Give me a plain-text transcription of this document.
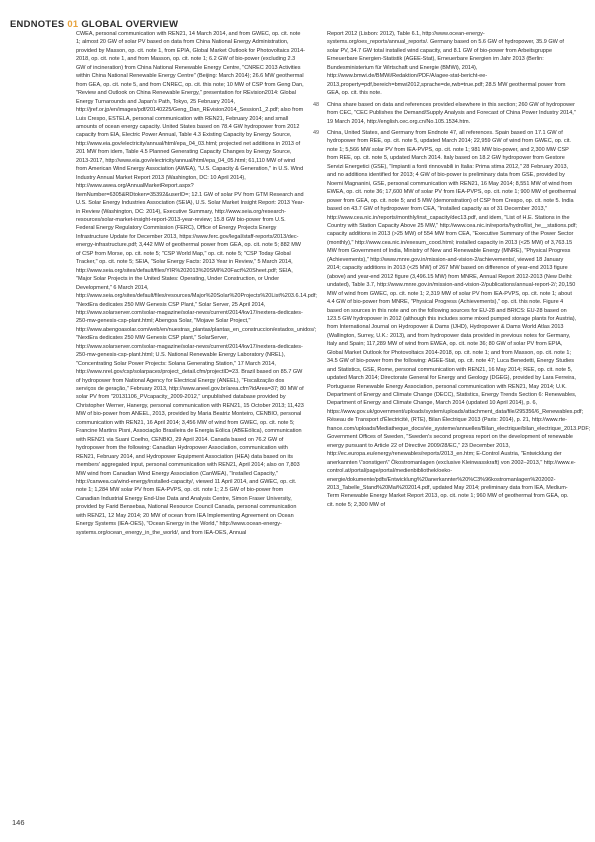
ENDNOTES 01 GLOBAL OVERVIEW

CWEA, personal communication with REN21, 14 March 2014, and from GWEC, op. cit. note 1; almost 20 GW of solar PV based on data from China National Energy Administration, provided by Masson, op. cit. note 1, from EPIA, Global Market Outlook for Photovoltaics 2014-2018, op. cit. note 1, and from Masson, op. cit. note 1; 6.2 GW of bio-power (excluding 2.3 GW of incineration) from China National Renewable Energy Centre, "CNREC 2013 Activities within China National Renewable Energy Centre" (Beijing: March 2014); 26.6 MW geothermal from GEA, op. cit. note 5, and from CNREC, op. cit. this note; 10 MW of CSP from Geng Dan, "Review and Outlook on China Renewable Energy," presentation for REvision2014: Global Energy Turnarounds and Japan's Path, Tokyo, 25 February 2014, http://jref.or.jp/en/images/pdf/20140225/Geng_Dan_REvision2014_Session1_2.pdf; also from Luis Crespo, ESTELA, personal communication with REN21, February 2014; and small amounts of ocean energy capacity. United States based on 78.4 GW hydropower from 2012 capacity from EIA, Electric Power Annual, Table 4.3 Existing Capacity by Energy Source, http://www.eia.gov/electricity/annual/html/epa_04_03.html; projected net additions in 2013 of 201 MW from idem, Table 4.5 Planned Generating Capacity Changes by Energy Source, 2013-2017, http://www.eia.gov/electricity/annual/html/epa_04_05.html; 61,110 MW of wind from American Wind Energy Association (AWEA), "U.S. Capacity & Generation," in U.S. Wind Industry Annual Market Report 2013 (Washington, DC: 10 April 2014), http://www.awea.org/AnnualMarketReport.aspx?ItemNumber=6305&RDtoken=35392&userID=; 12.1 GW of solar PV from GTM Research and U.S. Solar Energy Industries Association (SEIA), U.S. Solar Market Insight Report: 2013 Year-in Review (Washington, DC: 2014), Executive Summary, http://www.seia.org/research-resources/solar-market-insight-report-2013-year-review; 15.8 GW bio-power from U.S. Federal Energy Regulatory Commission (FERC), Office of Energy Projects Energy Infrastructure Update for December 2013, https://www.ferc.gov/legal/staff-reports/2013/dec-energy-infrastructure.pdf; 3,442 MW of geothermal power from GEA, op. cit. note 5; 882 MW of CSP from Morse, op. cit. note 5; "CSP World Map," op. cit. note 5; "CSP Today Global Tracker," op. cit. note 5; SEIA, "Solar Energy Facts: 2013 Year in Review," 5 March 2014, http://www.seia.org/sites/default/files/YIR%202013%20SMI%20Fact%20Sheet.pdf; SEIA, "Major Solar Projects in the United States: Operating, Under Construction, or Under Development," 6 March 2014, http://www.seia.org/sites/default/files/resources/Major%20Solar%20Projects%20List%203.6.14.pdf; "NextEra dedicates 250 MW Genesis CSP Plant," Solar Server, 25 April 2014, http://www.solarserver.com/solar-magazine/solar-news/current/2014/kw17/nextera-dedicates-250-mw-genesis-csp-plant.html; Abengoa Solar, "Mojave Solar Project," http://www.abengoasolar.com/web/en/nuestras_plantas/plantas_en_construccion/estados_unidos/; "NextEra dedicates 250 MW Genesis CSP plant," SolarServer, http://www.solarserver.com/solar-magazine/solar-news/current/2014/kw17/nextera-dedicates-250-mw-genesis-csp-plant.html; U.S. National Renewable Energy Laboratory (NREL), "Concentrating Solar Power Projects: Solana Generating Station," 17 March 2014, http://www.nrel.gov/csp/solarpaces/project_detail.cfm/projectID=23. Brazil based on 85.7 GW of hydropower from National Agency for Electrical Energy (ANEEL), "Fiscalização dos serviços de geração," February 2013, http://www.aneel.gov.br/area.cfm?idArea=37; 80 MW of solar PV from "20131106_PVcapacity_2009-2012," unpublished database provided by Christopher Werner, Hanergy, personal communication with REN21, 15 October 2013; 11,423 MW of bio-power from ANEEL, 2013, provided by Maria Beatriz Monteiro, CENBIO, personal communication with REN21, 16 April 2014; 3,456 MW of wind from GWEC, op. cit. note 5; Francine Martins Pisni, Associação Brasileira de Energia Eólica (ABEEólica), communication with REN21 via Suani Coelho, CENBIO, 29 April 2014. Canada based on 76.2 GW of hydropower from the following: Canadian Hydropower Association, communication with REN21, February 2014, and Hydropower Equipment Association (HEA) data based on its members' aggregated input, personal communication with REN21, April 2014; also on 7,803 MW wind from Canadian Wind Energy Association (CanWEA), "Installed Capacity," http://canwea.ca/wind-energy/installed-capacity/, viewed 11 April 2014, and GWEC, op. cit. note 1; 1,284 MW solar PV from IEA-PVPS, op. cit. note 1; 2.5 GW of bio-power from Canadian Industrial Energy End-Use Data and Analysis Centre, Simon Fraser University, provided by Farid Bensebaa, National Resource Council Canada, personal communication with REN21, 12 May 2014; 20 MW of ocean from IEA Implementing Agreement on Ocean Energy Systems (IEA-OES), "Ocean Energy in the World," http://www.ocean-energy-systems.org/ocean_energy_in_the_world/, and from IEA-OES, Annual

Report 2012 (Lisbon: 2012), Table 6.1, http://www.ocean-energy-systems.org/oes_reports/annual_reports/. Germany based on 5.6 GW of hydropower, 35.9 GW of solar PV, 34.7 GW total installed wind capacity, and 8.1 GW of bio-power from Arbeitsgruppe Erneuerbare Energien-Statistik (AGEE-Stat), Erneuerbare Energien im Jahr 2013 (Berlin: Bundesministerium für Wirtschaft und Energie (BMWi), 2014), http://www.bmwi.de/BMWi/Redaktion/PDF/A/agee-stat-bericht-ee-2013,property=pdf,bereich=bmwi2012,sprache=de,rwb=true.pdf; 28.5 MW geothermal power from GEA, op. cit. this note.

48 China share based on data and references provided elsewhere in this section; 260 GW of hydropower from CEC, "CEC Publishes the Demand/Supply Analysis and Forecast of China Power Industry 2014," 19 March 2014, http://english.cec.org.cn/No.105.1534.htm.

49 China, United States, and Germany from Endnote 47, all references. Spain based on 17.1 GW of hydropower from REE, op. cit. note 5, updated March 2014; 22,959 GW of wind from GWEC, op. cit. note 1; 5,566 MW solar PV from IEA-PVPS, op. cit. note 1; 981 MW bio-power, and 2,300 MW CSP from REE, op. cit. note 5, updated March 2014. Italy based on 18.2 GW hydropower from Gestore Servizi Energetici (GSE), "Impianti a fonti rinnovabili in Italia: Prima stima 2012," 28 February 2013, and no additions identified for 2013; 4 GW of bio-power is preliminary data from GSE, provided by Noemi Magnanini, GSE, personal communication with REN21, 16 May 2014; 8,551 MW of wind from EWEA, op. cit. note 36; 17,600 MW of solar PV from IEA-PVPS, op. cit. note 1; 900 MW of geothermal power from GEA, op. cit. note 5; and 5 MW (demonstration) of CSP from Crespo, op. cit. note 5. India based on 43.7 GW of hydropower from CEA, "Installed capacity as of 31 December 2013," http://www.cea.nic.in/reports/monthly/inst_capacity/dec13.pdf, and idem, "List of H.E. Stations in the Country with Station Capacity Above 25 MW," http://www.cea.nic.in/reports/hydro/list_he__stations.pdf; capacity additions in 2013 (>25 MW) of 554 MW from CEA, "Executive Summary of the Power Sector (monthly)," http://www.cea.nic.in/exesum_cood.html; installed capacity in 2013 (<25 MW) of 3,763.15 MW from Government of India, Ministry of New and Renewable Energy (MNRE), "Physical Progress (Achievements)," http://www.mnre.gov.in/mission-and-vision-2/achievements/, viewed 18 January 2014; capacity additions in 2013 (<25 MW) of 267 MW based on difference of year-end 2013 figure (above) and year-end 2012 figure (3,496.15 MW) from MNRE, Annual Report 2012-2013 (New Delhi: undated), Table 3.7, http://www.mnre.gov.in/mission-and-vision-2/publications/annual-report-2/; 20,150 MW of wind from GWEC, op. cit. note 1; 2,319 MW of solar PV from IEA-PVPS, op. cit. note 1; about 4.4 GW of bio-power from MNRE, "Physical Progress (Achievements)," op. cit. this note. Figure 4 based on sources in this note and on the following sources for EU-28 and BRICS: EU-28 based on 123.5 GW hydropower in 2012 (although this includes some mixed pumped storage plants for Austria), from International Journal on Hydropower & Dams (IJHD), Hydropower & Dams World Atlas 2013 (Wallington, Surrey, U.K.: 2013), and from hydropower data provided in previous notes for Germany, Italy and Spain; 117,289 MW of wind from EWEA, op. cit. note 36; 80 GW of solar PV from EPIA, Global Market Outlook for Photovoltaics 2014-2018, op. cit. note 1; and from Masson, op. cit. note 1; 34.5 GW of bio-power from the following: AGEE-Stat, op. cit. note 47; Luca Benedetti, Energy Studies and Statistics, GSE, Rome, personal communication with REN21, 16 May 2014; REE, op. cit. note 5, updated March 2014; Directorate General for Energy and Geology (DGEG), provided by Lara Ferreira, Portuguese Renewable Energy Association, personal communication with REN21, May 2014; U.K. Department of Energy and Climate Change (DECC), Statistics, Energy Trends Section 6: Renewables, Department of Energy and Climate Change, March 2014 (updated 10 April 2014), p. 6, https://www.gov.uk/government/uploads/system/uploads/attachment_data/file/295356/6_Renewables.pdf; Réseau de Transport d'Électricité, (RTE), Bilan Électrique 2013 (Paris: 2014), p. 21, http://www.rte-france.com/uploads/Mediatheque_docs/vie_systeme/annuelles/Bilan_electrique/bilan_electrique_2013.PDF; Government Offices of Sweden, "Sweden's second progress report on the development of renewable energy pursuant to Article 22 of Directive 2009/28/EC," 23 December 2013, http://ec.europa.eu/energy/renewables/reports/2013_en.htm; E-Control Austria, "Entwicklung der anerkannten \"sonstigen\" Ökostromanlagen (exclusive Kleinwasskraft) von 2002–2013," http://www.e-control.at/portal/page/portal/medienbibliothek/oeko-energie/dokumente/pdfs/Entwicklung%20anerkannter%20%C3%96kostromanlagen%202002-2013_Tabelle_Stand%20Mai%202014.pdf, updated May 2014; preliminary data from IEA, Medium-Term Renewable Energy Market Report 2013, op. cit. note 1; 960 MW of geothermal from GEA, op. cit. note 5; 2,300 MW of

146
